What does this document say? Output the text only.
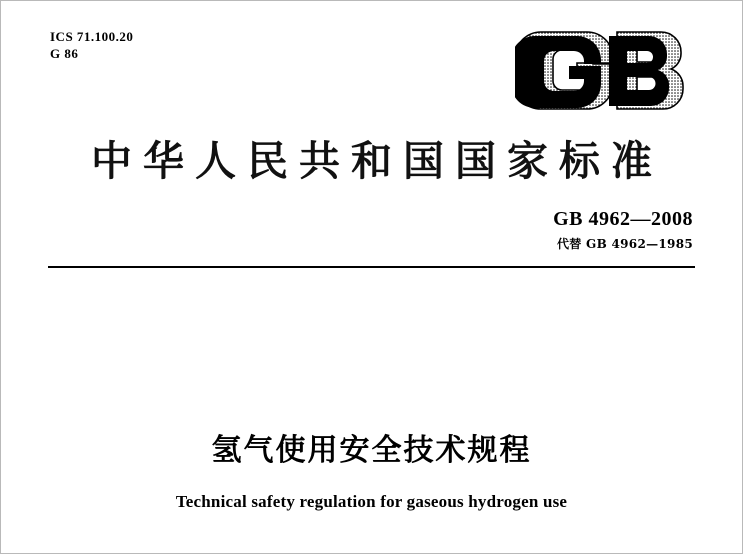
ICS 71.100.20
G 86
中华人民共和国国家标准
GB 4962—2008
代替 GB 4962—1985
氢气使用安全技术规程
Technical safety regulation for gaseous hydrogen use
